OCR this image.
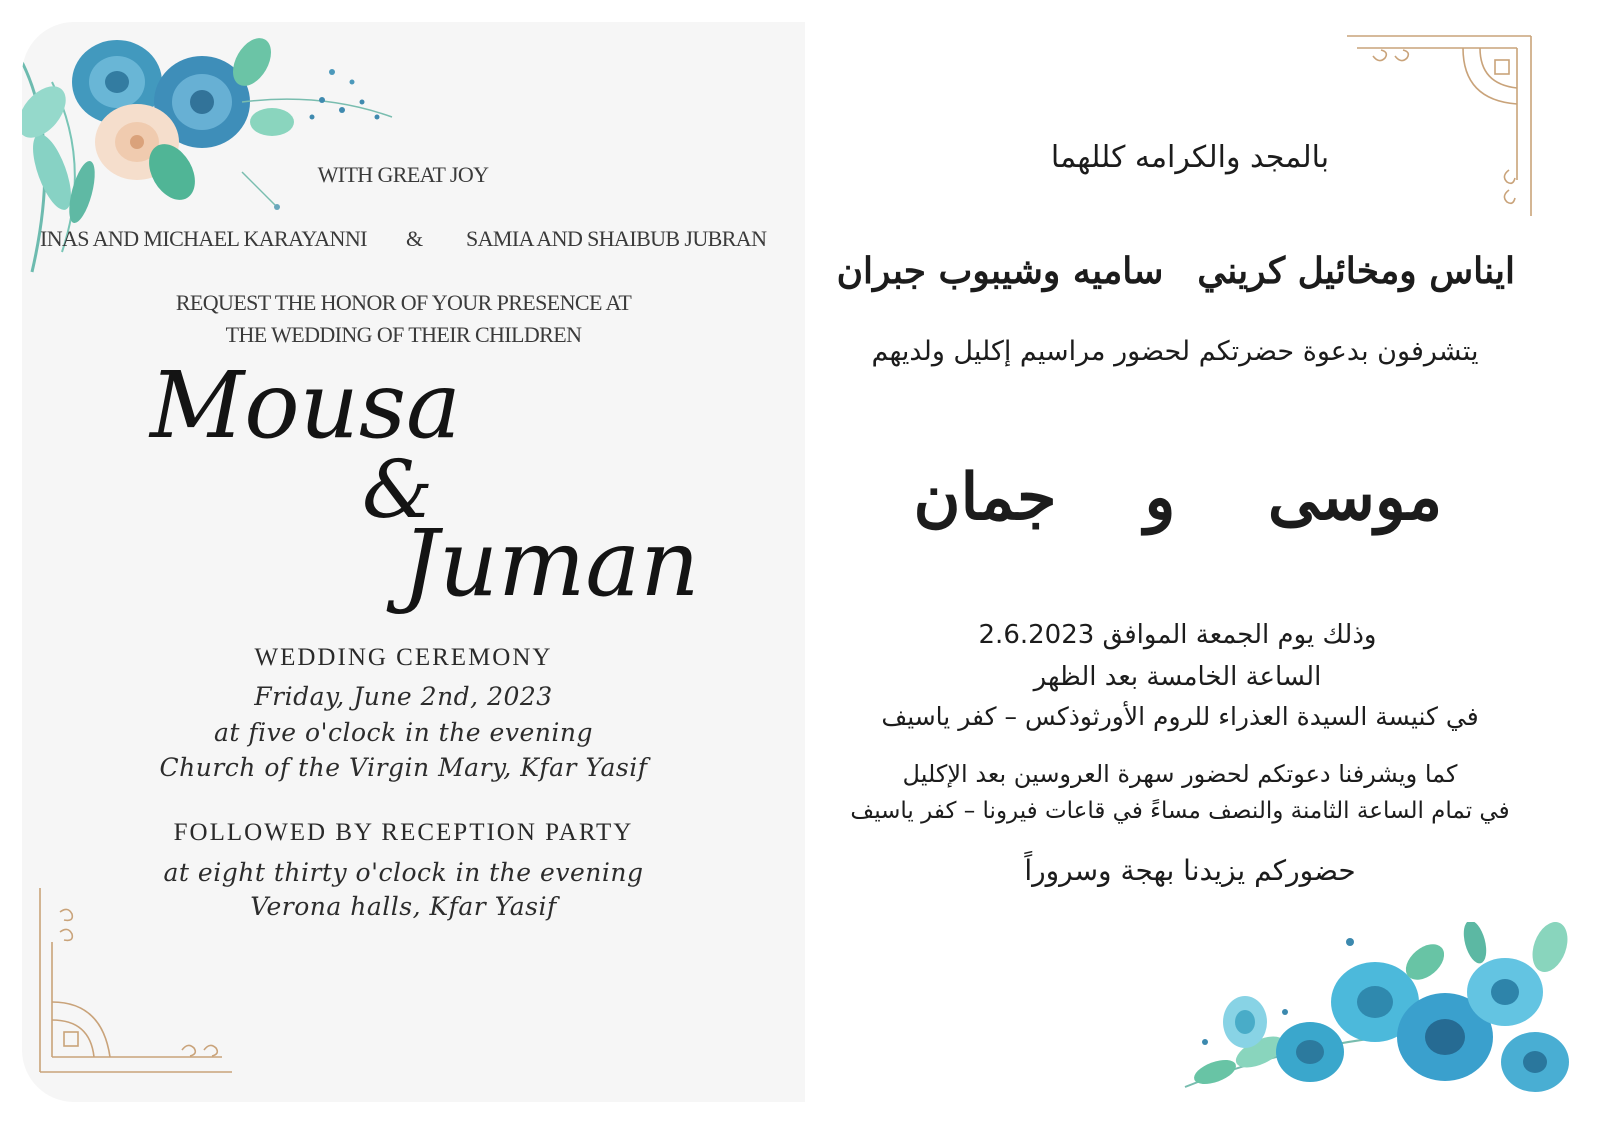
WITH GREAT JOY
INAS AND MICHAEL KARAYANNI & SAMIA AND SHAIBUB JUBRAN
REQUEST THE HONOR OF YOUR PRESENCE AT
THE WEDDING OF THEIR CHILDREN
Mousa
&
Juman
WEDDING CEREMONY
Friday, June 2nd, 2023
at five o'clock in the evening
Church of the Virgin Mary, Kfar Yasif
FOLLOWED BY RECEPTION PARTY
at eight thirty o'clock in the evening
Verona halls, Kfar Yasif
بالمجد والكرامه كللهما
ايناس ومخائيل كريني
ساميه وشيبوب جبران
يتشرفون بدعوة حضرتكم لحضور مراسيم إكليل ولديهم
موسى
و
جمان
وذلك يوم الجمعة الموافق 2.6.2023
الساعة الخامسة بعد الظهر
في كنيسة السيدة العذراء للروم الأورثوذكس – كفر ياسيف
كما ويشرفنا دعوتكم لحضور سهرة العروسين بعد الإكليل
في تمام الساعة الثامنة والنصف مساءً في قاعات فيرونا – كفر ياسيف
حضوركم يزيدنا بهجة وسروراً
